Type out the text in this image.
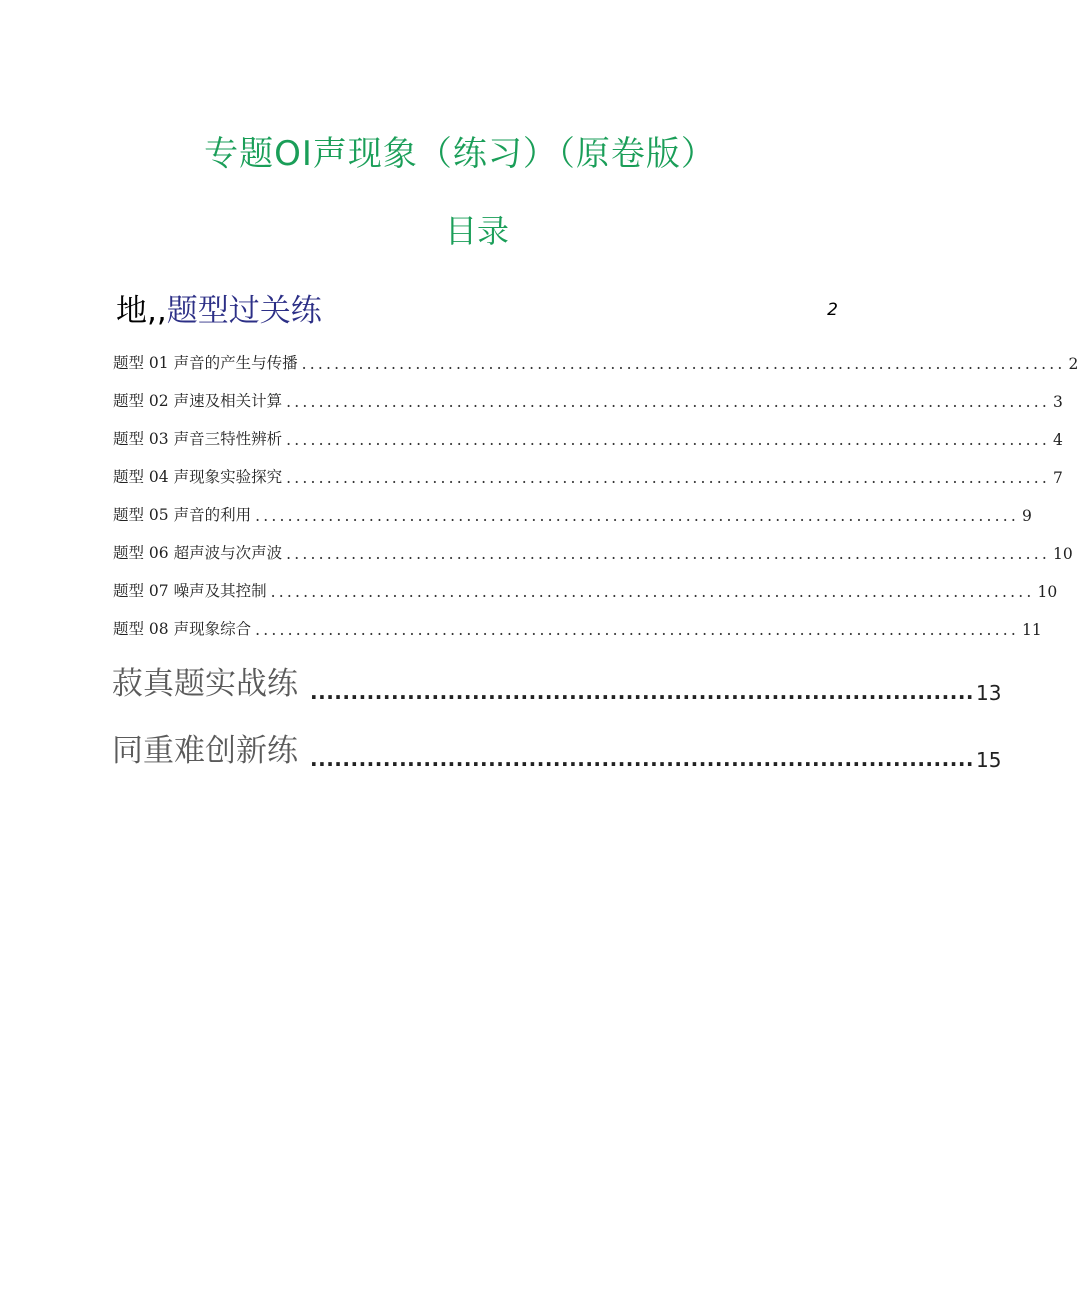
专题OI声现象（练习）（原卷版）
目录
地,,题型过关练	2
题型 01 声音的产生与传播 .............................................................................................. 2
题型 02 声速及相关计算 .............................................................................................. 3
题型 03 声音三特性辨析 .............................................................................................. 4
题型 04 声现象实验探究 .............................................................................................. 7
题型 05 声音的利用 .............................................................................................. 9
题型 06 超声波与次声波 .............................................................................................. 10
题型 07 噪声及其控制 .............................................................................................. 10
题型 08 声现象综合 .............................................................................................. 11
菽真题实战练 .................................................................................. 13
同重难创新练 .................................................................................. 15
